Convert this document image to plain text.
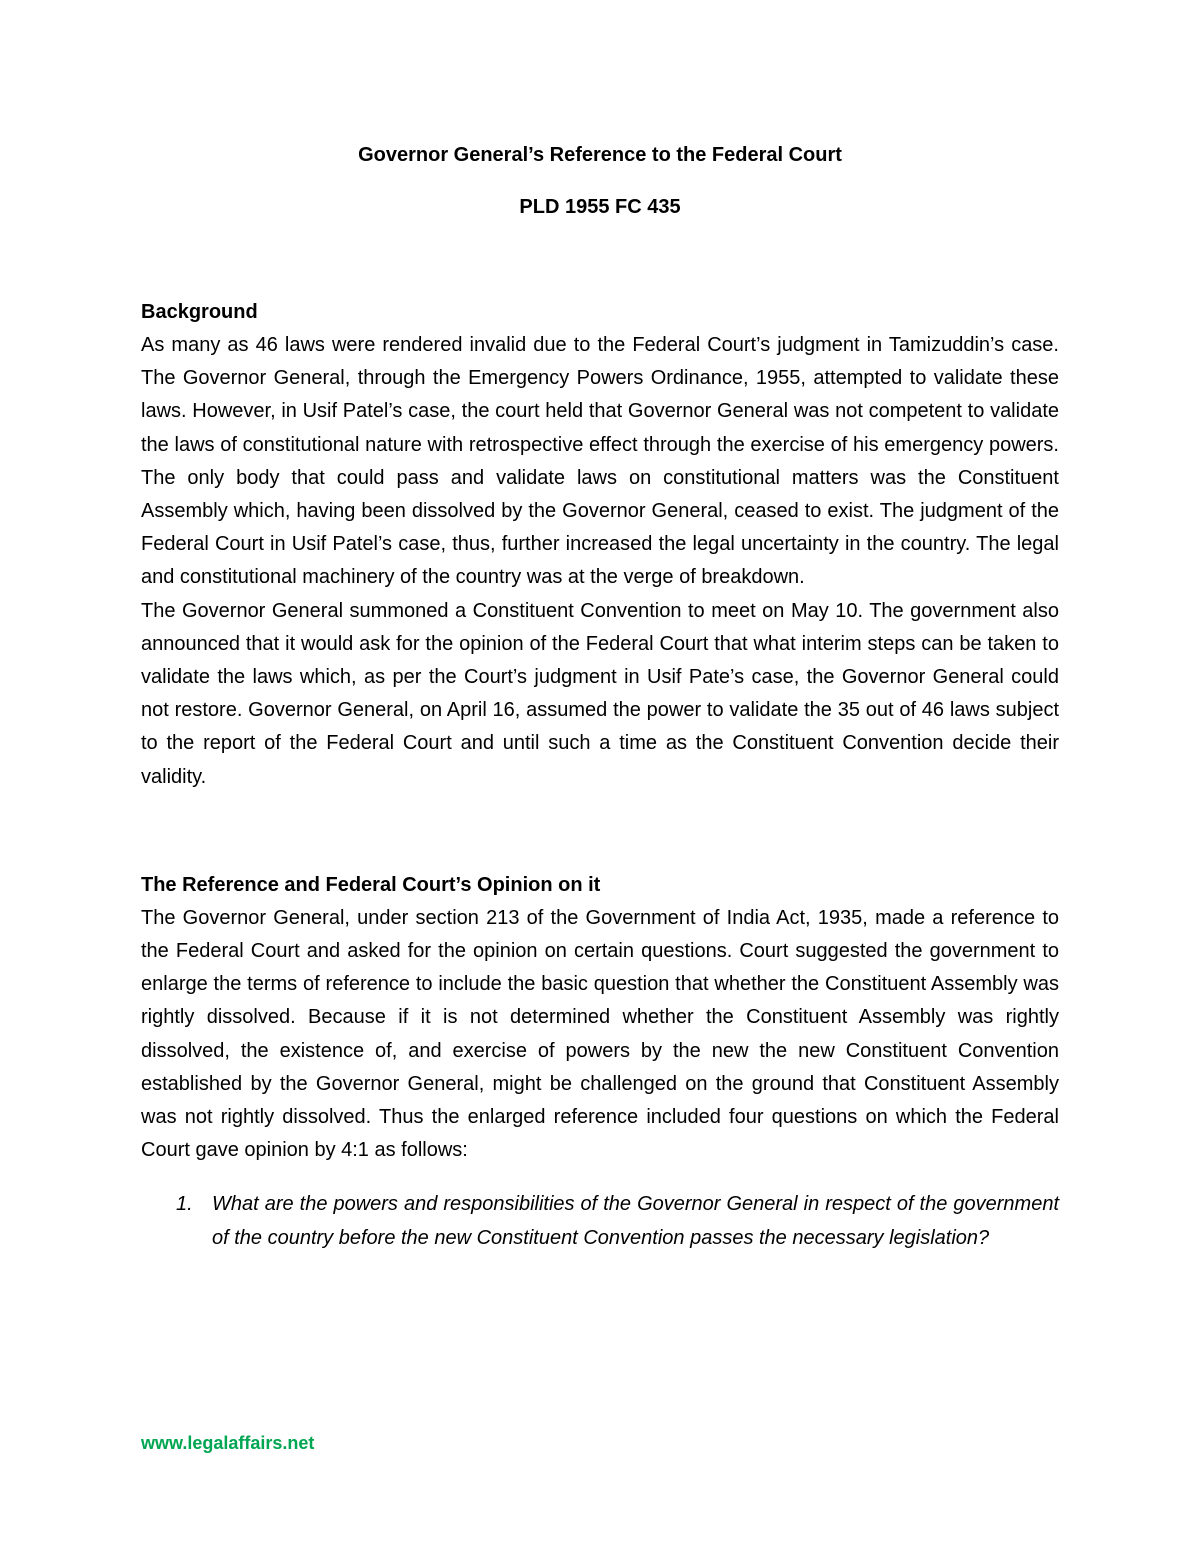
Governor General’s Reference to the Federal Court

PLD 1955 FC 435

Background

As many as 46 laws were rendered invalid due to the Federal Court’s judgment in Tamizuddin’s case. The Governor General, through the Emergency Powers Ordinance, 1955, attempted to validate these laws. However, in Usif Patel’s case, the court held that Governor General was not competent to validate the laws of constitutional nature with retrospective effect through the exercise of his emergency powers. The only body that could pass and validate laws on constitutional matters was the Constituent Assembly which, having been dissolved by the Governor General, ceased to exist. The judgment of the Federal Court in Usif Patel’s case, thus, further increased the legal uncertainty in the country. The legal and constitutional machinery of the country was at the verge of breakdown.

The Governor General summoned a Constituent Convention to meet on May 10. The government also announced that it would ask for the opinion of the Federal Court that what interim steps can be taken to validate the laws which, as per the Court’s judgment in Usif Pate’s case, the Governor General could not restore. Governor General, on April 16, assumed the power to validate the 35 out of 46 laws subject to the report of the Federal Court and until such a time as the Constituent Convention decide their validity.

The Reference and Federal Court’s Opinion on it

The Governor General, under section 213 of the Government of India Act, 1935, made a reference to the Federal Court and asked for the opinion on certain questions. Court suggested the government to enlarge the terms of reference to include the basic question that whether the Constituent Assembly was rightly dissolved. Because if it is not determined whether the Constituent Assembly was rightly dissolved, the existence of, and exercise of powers by the new the new Constituent Convention established by the Governor General, might be challenged on the ground that Constituent Assembly was not rightly dissolved. Thus the enlarged reference included four questions on which the Federal Court gave opinion by 4:1 as follows:

1. What are the powers and responsibilities of the Governor General in respect of the government of the country before the new Constituent Convention passes the necessary legislation?
www.legalaffairs.net
